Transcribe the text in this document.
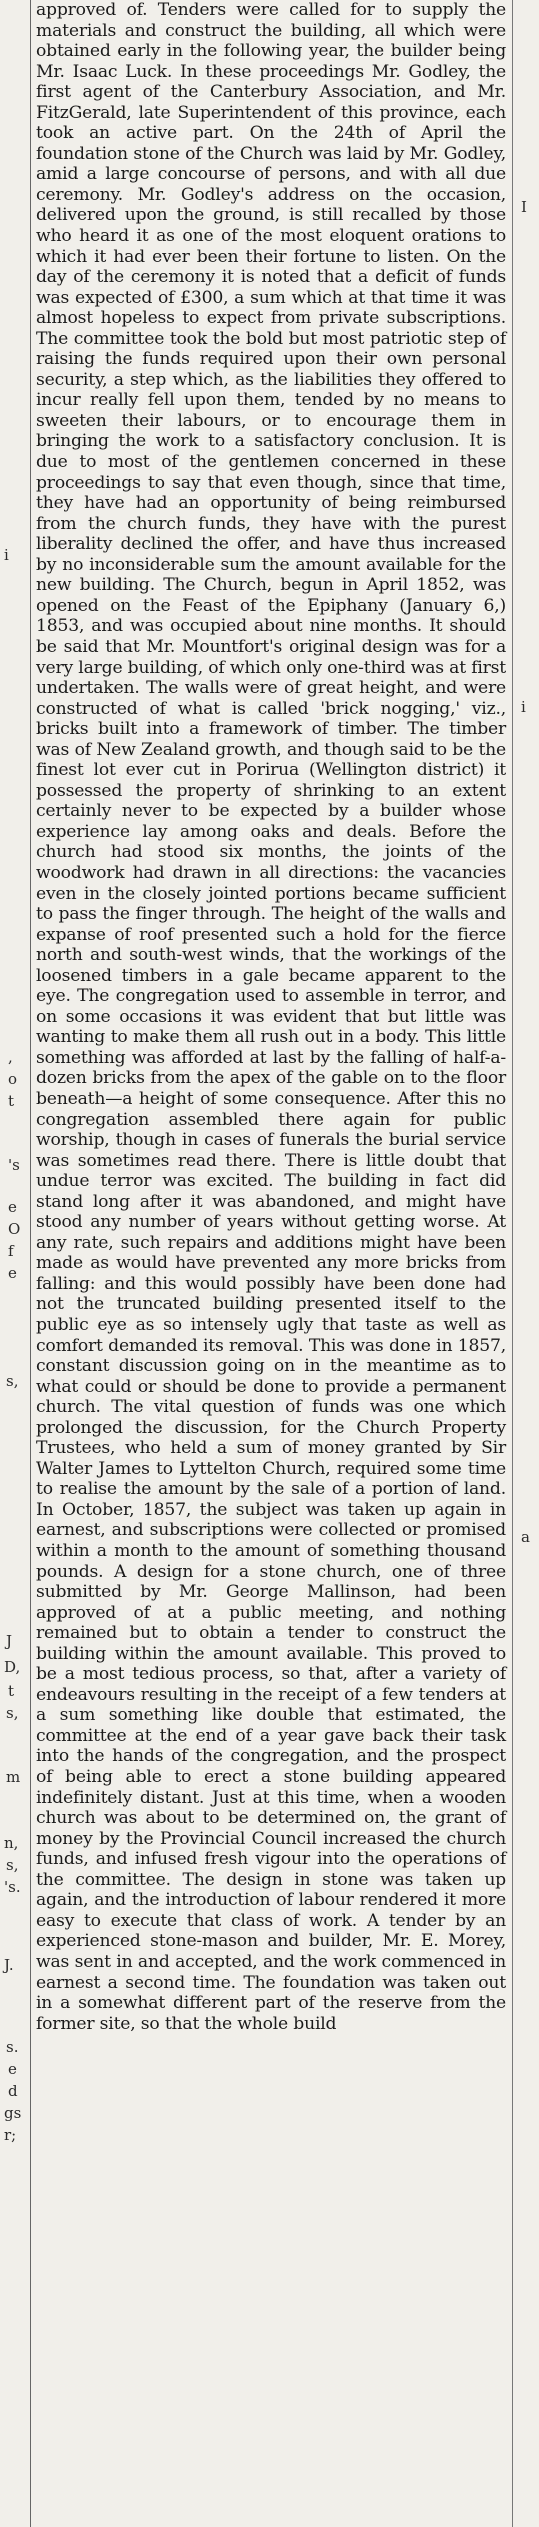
i
,
o
t
's
e
O
f
e
s,
J
D,
t
s,
m
n,
s,
's.
J.
s.
e
d
gs
r;
I
i
a

approved of. Tenders were called for to supply the materials and construct the building, all which were obtained early in the following year, the builder being Mr. Isaac Luck. In these proceedings Mr. Godley, the first agent of the Canterbury Association, and Mr. FitzGerald, late Superintendent of this province, each took an active part. On the 24th of April the foundation stone of the Church was laid by Mr. Godley, amid a large concourse of persons, and with all due ceremony. Mr. Godley's address on the occasion, delivered upon the ground, is still recalled by those who heard it as one of the most eloquent orations to which it had ever been their fortune to listen. On the day of the ceremony it is noted that a deficit of funds was expected of £300, a sum which at that time it was almost hopeless to expect from private subscriptions. The committee took the bold but most patriotic step of raising the funds required upon their own personal security, a step which, as the liabilities they offered to incur really fell upon them, tended by no means to sweeten their labours, or to encourage them in bringing the work to a satisfactory conclusion. It is due to most of the gentlemen concerned in these proceedings to say that even though, since that time, they have had an opportunity of being reimbursed from the church funds, they have with the purest liberality declined the offer, and have thus increased by no inconsiderable sum the amount available for the new building. The Church, begun in April 1852, was opened on the Feast of the Epiphany (January 6,) 1853, and was occupied about nine months. It should be said that Mr. Mountfort's original design was for a very large building, of which only one-third was at first undertaken. The walls were of great height, and were constructed of what is called 'brick nogging,' viz., bricks built into a framework of timber. The timber was of New Zealand growth, and though said to be the finest lot ever cut in Porirua (Wellington district) it possessed the property of shrinking to an extent certainly never to be expected by a builder whose experience lay among oaks and deals. Before the church had stood six months, the joints of the woodwork had drawn in all directions: the vacancies even in the closely jointed portions became sufficient to pass the finger through. The height of the walls and expanse of roof presented such a hold for the fierce north and south-west winds, that the workings of the loosened timbers in a gale became apparent to the eye. The congregation used to assemble in terror, and on some occasions it was evident that but little was wanting to make them all rush out in a body. This little something was afforded at last by the falling of half-a-dozen bricks from the apex of the gable on to the floor beneath—a height of some consequence. After this no congregation assembled there again for public worship, though in cases of funerals the burial service was sometimes read there. There is little doubt that undue terror was excited. The building in fact did stand long after it was abandoned, and might have stood any number of years without getting worse. At any rate, such repairs and additions might have been made as would have prevented any more bricks from falling: and this would possibly have been done had not the truncated building presented itself to the public eye as so intensely ugly that taste as well as comfort demanded its removal. This was done in 1857, constant discussion going on in the meantime as to what could or should be done to provide a permanent church. The vital question of funds was one which prolonged the discussion, for the Church Property Trustees, who held a sum of money granted by Sir Walter James to Lyttelton Church, required some time to realise the amount by the sale of a portion of land. In October, 1857, the subject was taken up again in earnest, and subscriptions were collected or promised within a month to the amount of something thousand pounds. A design for a stone church, one of three submitted by Mr. George Mallinson, had been approved of at a public meeting, and nothing remained but to obtain a tender to construct the building within the amount available. This proved to be a most tedious process, so that, after a variety of endeavours resulting in the receipt of a few tenders at a sum something like double that estimated, the committee at the end of a year gave back their task into the hands of the congregation, and the prospect of being able to erect a stone building appeared indefinitely distant. Just at this time, when a wooden church was about to be determined on, the grant of money by the Provincial Council increased the church funds, and infused fresh vigour into the operations of the committee. The design in stone was taken up again, and the introduction of labour rendered it more easy to execute that class of work. A tender by an experienced stone-mason and builder, Mr. E. Morey, was sent in and accepted, and the work commenced in earnest a second time. The foundation was taken out in a somewhat different part of the reserve from the former site, so that the whole build
